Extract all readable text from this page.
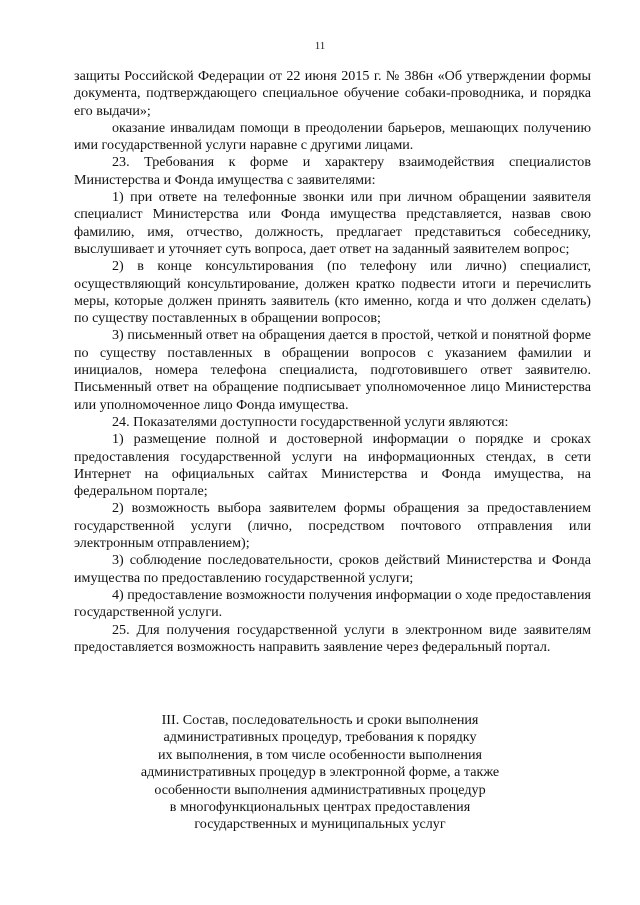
11

защиты Российской Федерации от 22 июня 2015 г. № 386н «Об утверждении формы документа, подтверждающего специальное обучение собаки-проводника, и порядка его выдачи»;

оказание инвалидам помощи в преодолении барьеров, мешающих получению ими государственной услуги наравне с другими лицами.

23. Требования к форме и характеру взаимодействия специалистов Министерства и Фонда имущества с заявителями:

1) при ответе на телефонные звонки или при личном обращении заявителя специалист Министерства или Фонда имущества представляется, назвав свою фамилию, имя, отчество, должность, предлагает представиться собеседнику, выслушивает и уточняет суть вопроса, дает ответ на заданный заявителем вопрос;

2) в конце консультирования (по телефону или лично) специалист, осуществляющий консультирование, должен кратко подвести итоги и перечислить меры, которые должен принять заявитель (кто именно, когда и что должен сделать) по существу поставленных в обращении вопросов;

3) письменный ответ на обращения дается в простой, четкой и понятной форме по существу поставленных в обращении вопросов с указанием фамилии и инициалов, номера телефона специалиста, подготовившего ответ заявителю. Письменный ответ на обращение подписывает уполномоченное лицо Министерства или уполномоченное лицо Фонда имущества.

24. Показателями доступности государственной услуги являются:

1) размещение полной и достоверной информации о порядке и сроках предоставления государственной услуги на информационных стендах, в сети Интернет на официальных сайтах Министерства и Фонда имущества, на федеральном портале;

2) возможность выбора заявителем формы обращения за предоставлением государственной услуги (лично, посредством почтового отправления или электронным отправлением);

3) соблюдение последовательности, сроков действий Министерства и Фонда имущества по предоставлению государственной услуги;

4) предоставление возможности получения информации о ходе предоставления государственной услуги.

25. Для получения государственной услуги в электронном виде заявителям предоставляется возможность направить заявление через федеральный портал.

III. Состав, последовательность и сроки выполнения
административных процедур, требования к порядку
их выполнения, в том числе особенности выполнения
административных процедур в электронной форме, а также
особенности выполнения административных процедур
в многофункциональных центрах предоставления
государственных и муниципальных услуг
